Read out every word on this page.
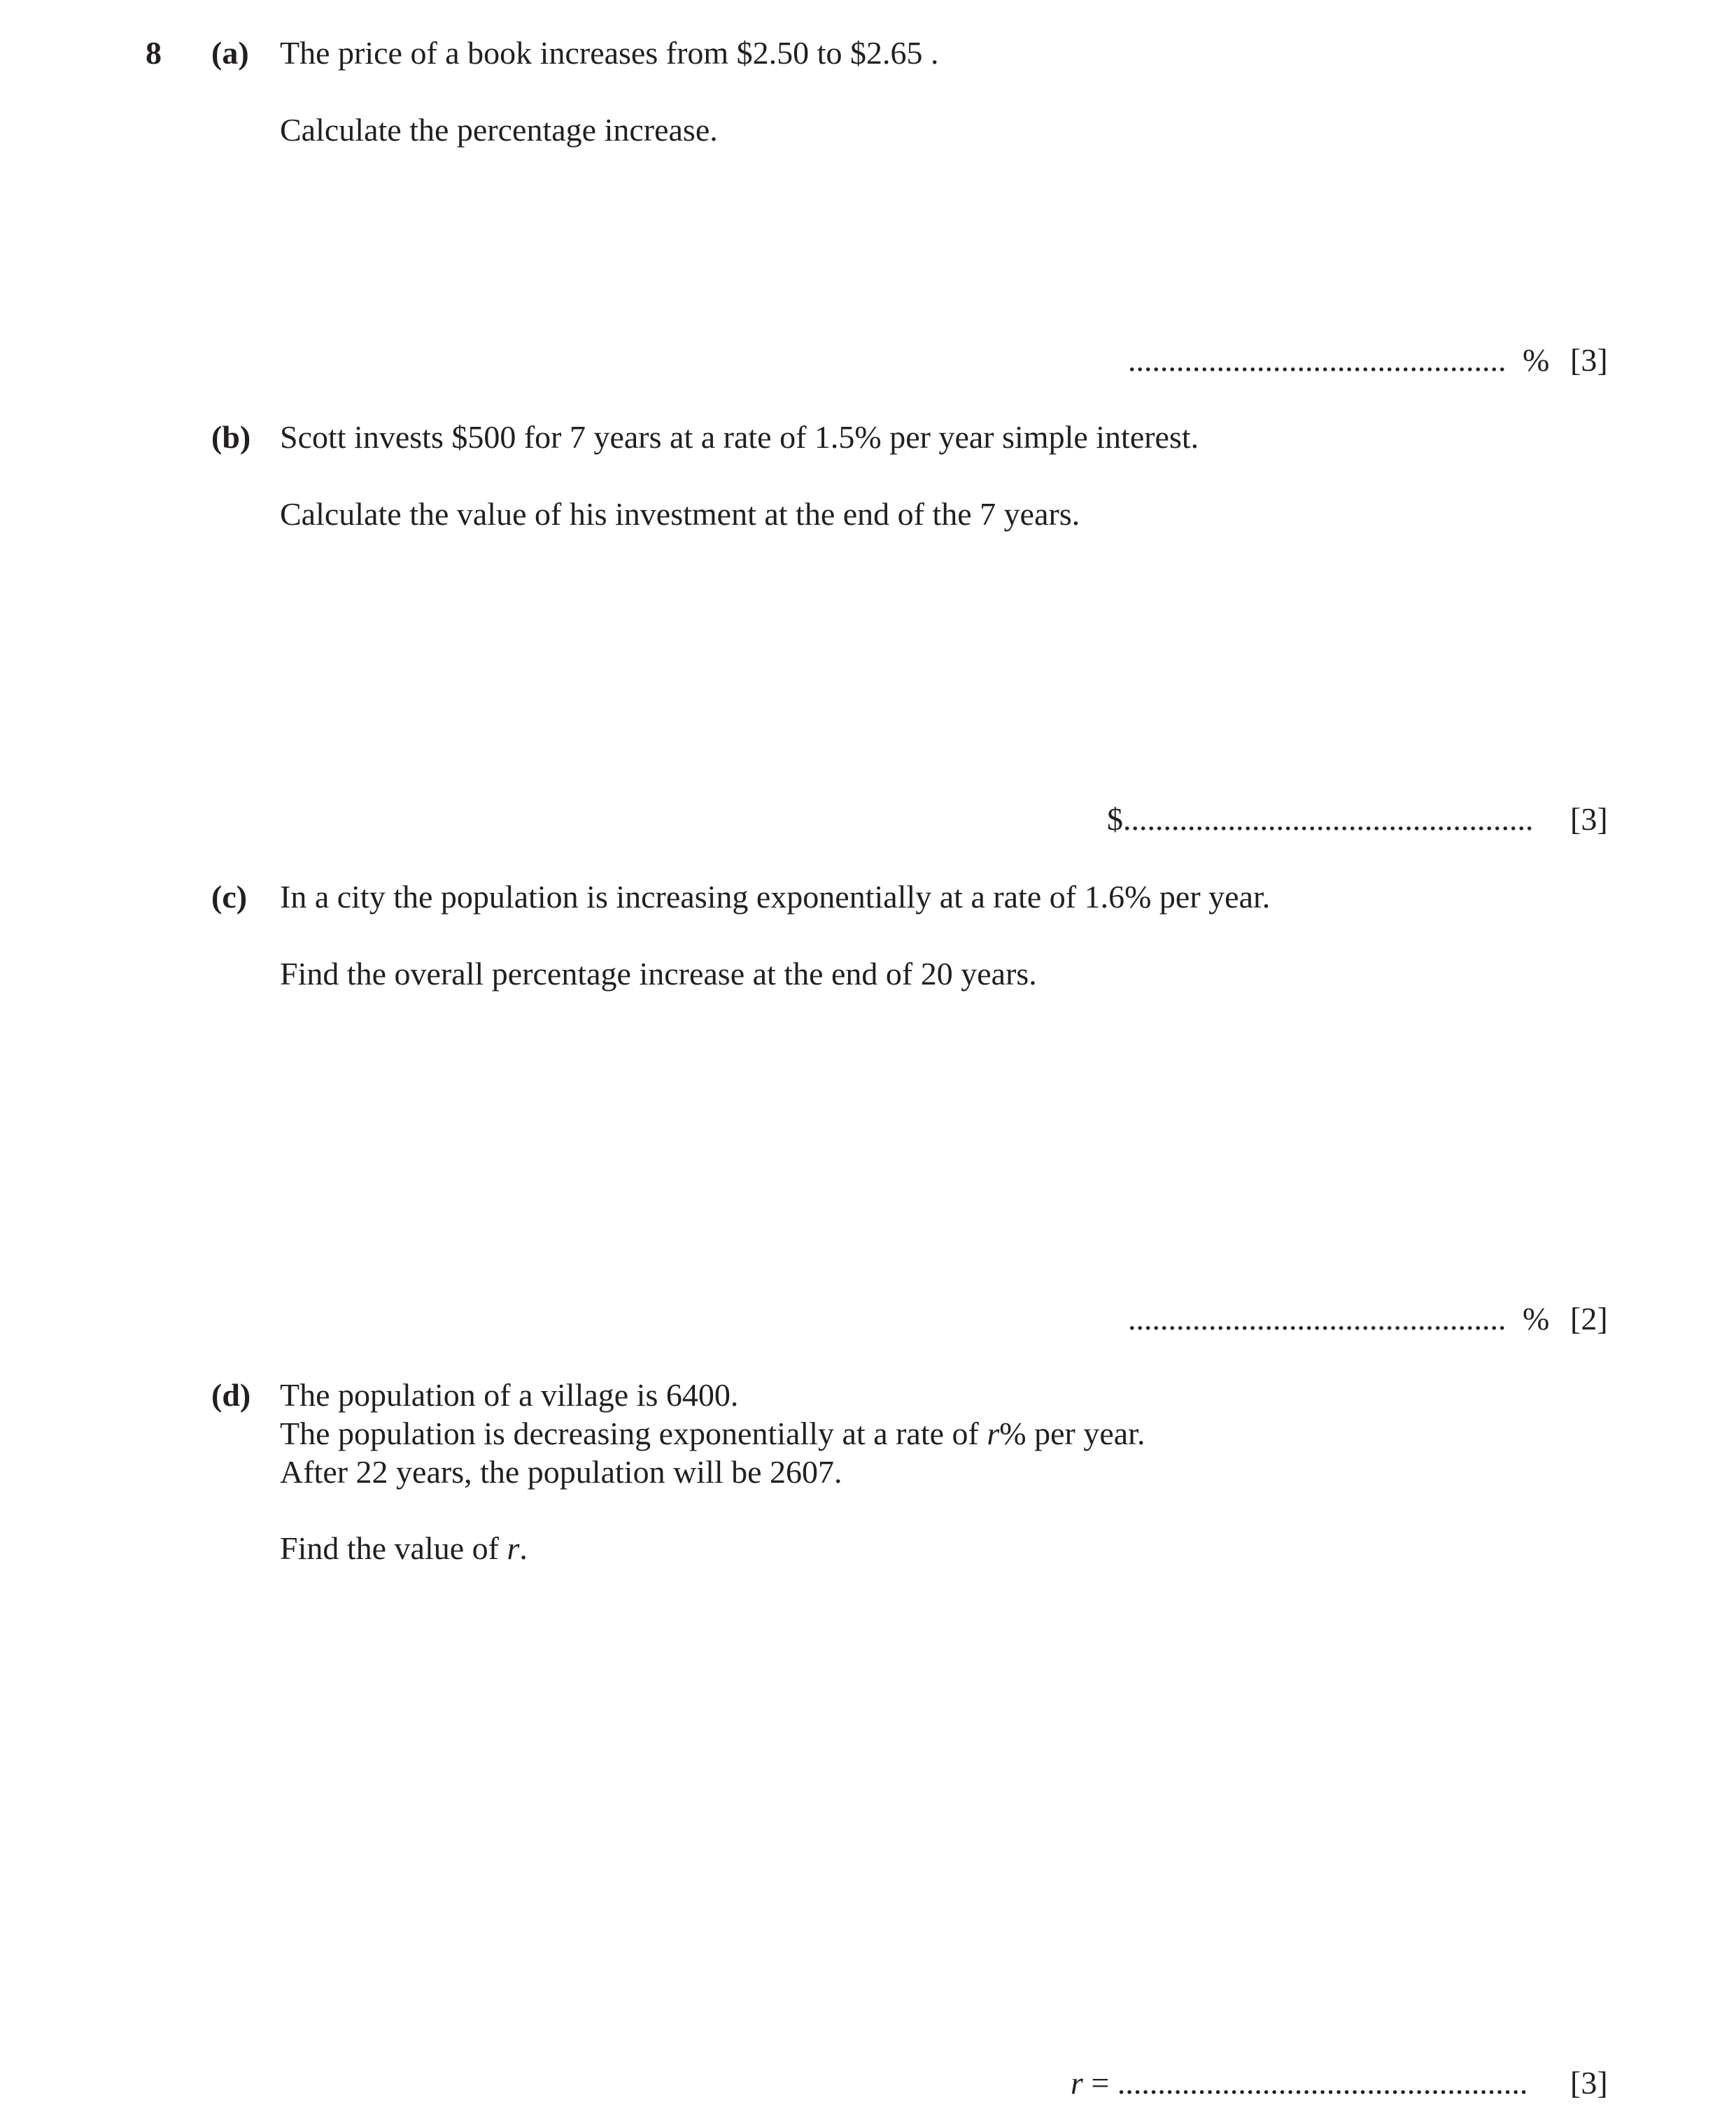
8 (a) The price of a book increases from $2.50 to $2.65 .
Calculate the percentage increase.
............................................... % [3]
(b) Scott invests $500 for 7 years at a rate of 1.5% per year simple interest.
Calculate the value of his investment at the end of the 7 years.
$................................................... [3]
(c) In a city the population is increasing exponentially at a rate of 1.6% per year.
Find the overall percentage increase at the end of 20 years.
............................................... % [2]
(d) The population of a village is 6400.
The population is decreasing exponentially at a rate of r% per year.
After 22 years, the population will be 2607.
Find the value of r.
r = ................................................... [3]
